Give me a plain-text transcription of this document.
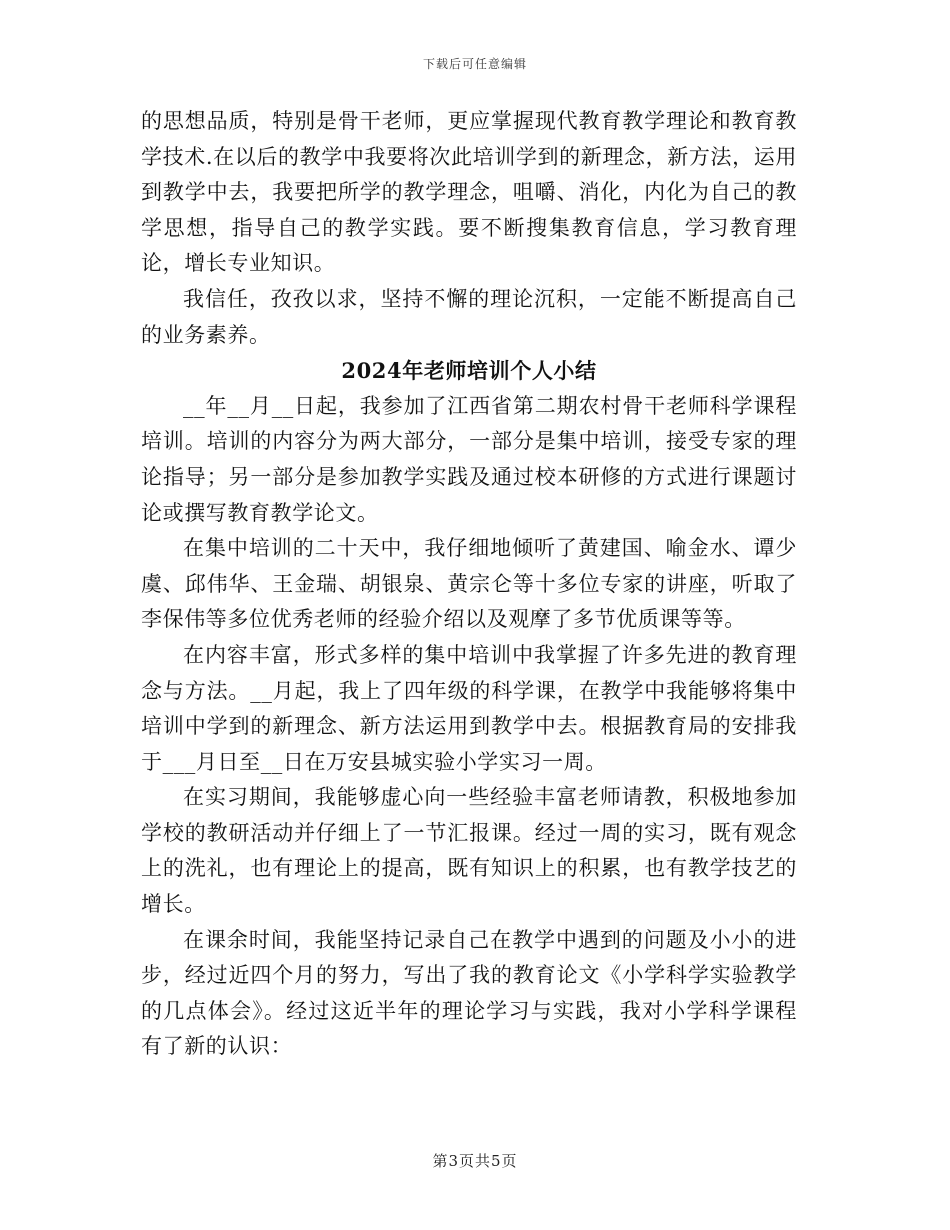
下载后可任意编辑

的思想品质，特别是骨干老师，更应掌握现代教育教学理论和教育教学技术.在以后的教学中我要将次此培训学到的新理念，新方法，运用到教学中去，我要把所学的教学理念，咀嚼、消化，内化为自己的教学思想，指导自己的教学实践。要不断搜集教育信息，学习教育理论，增长专业知识。

我信任，孜孜以求，坚持不懈的理论沉积，一定能不断提高自己的业务素养。

2024年老师培训个人小结

__年__月__日起，我参加了江西省第二期农村骨干老师科学课程培训。培训的内容分为两大部分，一部分是集中培训，接受专家的理论指导；另一部分是参加教学实践及通过校本研修的方式进行课题讨论或撰写教育教学论文。

在集中培训的二十天中，我仔细地倾听了黄建国、喻金水、谭少虞、邱伟华、王金瑞、胡银泉、黄宗仑等十多位专家的讲座，听取了李保伟等多位优秀老师的经验介绍以及观摩了多节优质课等等。

在内容丰富，形式多样的集中培训中我掌握了许多先进的教育理念与方法。__月起，我上了四年级的科学课，在教学中我能够将集中培训中学到的新理念、新方法运用到教学中去。根据教育局的安排我于___月日至__日在万安县城实验小学实习一周。

在实习期间，我能够虚心向一些经验丰富老师请教，积极地参加学校的教研活动并仔细上了一节汇报课。经过一周的实习，既有观念上的洗礼，也有理论上的提高，既有知识上的积累，也有教学技艺的增长。

在课余时间，我能坚持记录自己在教学中遇到的问题及小小的进步，经过近四个月的努力，写出了我的教育论文《小学科学实验教学的几点体会》。经过这近半年的理论学习与实践，我对小学科学课程有了新的认识：

第3页共5页
